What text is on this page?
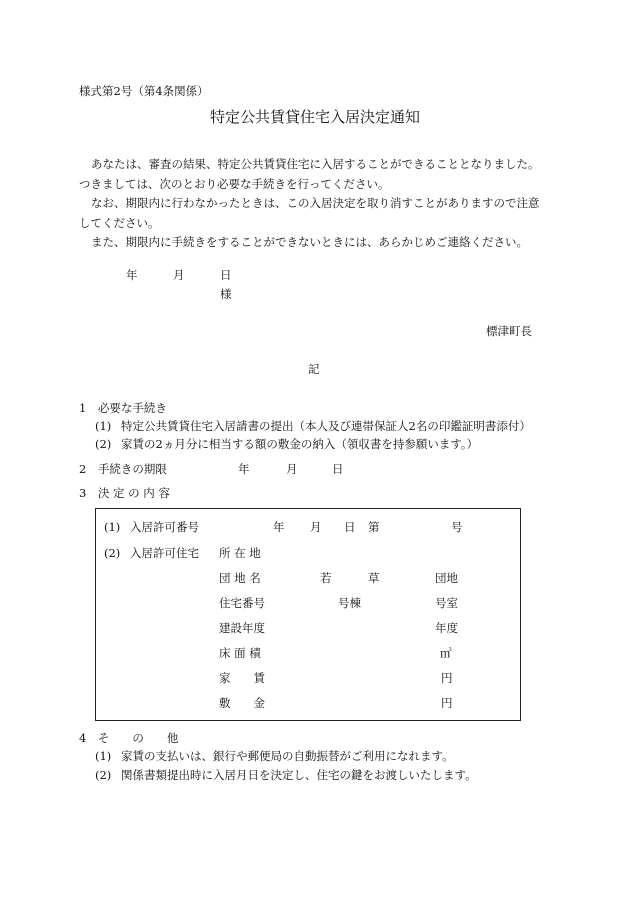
様式第2号（第4条関係）
特定公共賃貸住宅入居決定通知

あなたは、審査の結果、特定公共賃貸住宅に入居することができることとなりました。

つきましては、次のとおり必要な手続きを行ってください。

なお、期限内に行わなかったときは、この入居決定を取り消すことがありますので注意

してください。

また、期限内に手続きをすることができないときには、あらかじめご連絡ください。

年	月	日
様
標津町長
記
1　必要な手続き
(1) 特定公共賃貸住宅入居請書の提出（本人及び連帯保証人2名の印鑑証明書添付）
(2) 家賃の2ヵ月分に相当する額の敷金の納入（領収書を持参願います。）
2　手続きの期限	年	月	日
3　決 定 の 内 容
(1) 入居許可番号	年 月 日 第	号
(2) 入居許可住宅 所 在 地
団 地 名	若	草	団地
住宅番号	号棟	号室
建設年度	年度
床 面 積	㎡
家　　賃	円
敷　　金	円
4　そ　　の　　他
(1) 家賃の支払いは、銀行や郵便局の自動振替がご利用になれます。
(2) 関係書類提出時に入居月日を決定し、住宅の鍵をお渡しいたします。
